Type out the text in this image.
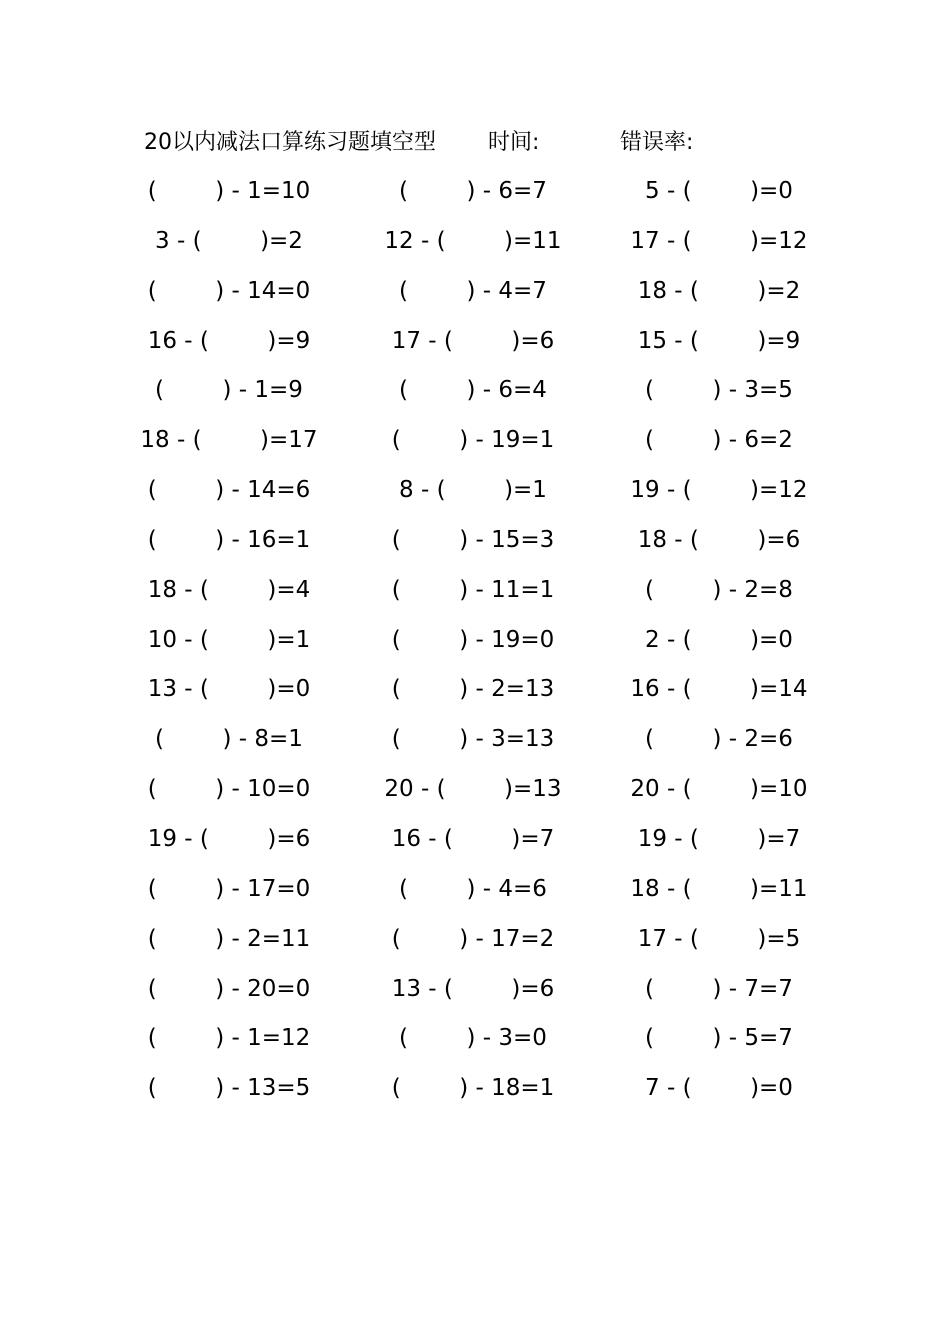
20以内减法口算练习题填空型 时间:	错误率:
(        ) - 1=10	(        ) - 6=7	5 - (        )=0
3 - (        )=2	12 - (        )=11	17 - (        )=12
(        ) - 14=0	(        ) - 4=7	18 - (        )=2
16 - (        )=9	17 - (        )=6	15 - (        )=9
(        ) - 1=9	(        ) - 6=4	(        ) - 3=5
18 - (        )=17	(        ) - 19=1	(        ) - 6=2
(        ) - 14=6	8 - (        )=1	19 - (        )=12
(        ) - 16=1	(        ) - 15=3	18 - (        )=6
18 - (        )=4	(        ) - 11=1	(        ) - 2=8
10 - (        )=1	(        ) - 19=0	2 - (        )=0
13 - (        )=0	(        ) - 2=13	16 - (        )=14
(        ) - 8=1	(        ) - 3=13	(        ) - 2=6
(        ) - 10=0	20 - (        )=13	20 - (        )=10
19 - (        )=6	16 - (        )=7	19 - (        )=7
(        ) - 17=0	(        ) - 4=6	18 - (        )=11
(        ) - 2=11	(        ) - 17=2	17 - (        )=5
(        ) - 20=0	13 - (        )=6	(        ) - 7=7
(        ) - 1=12	(        ) - 3=0	(        ) - 5=7
(        ) - 13=5	(        ) - 18=1	7 - (        )=0
